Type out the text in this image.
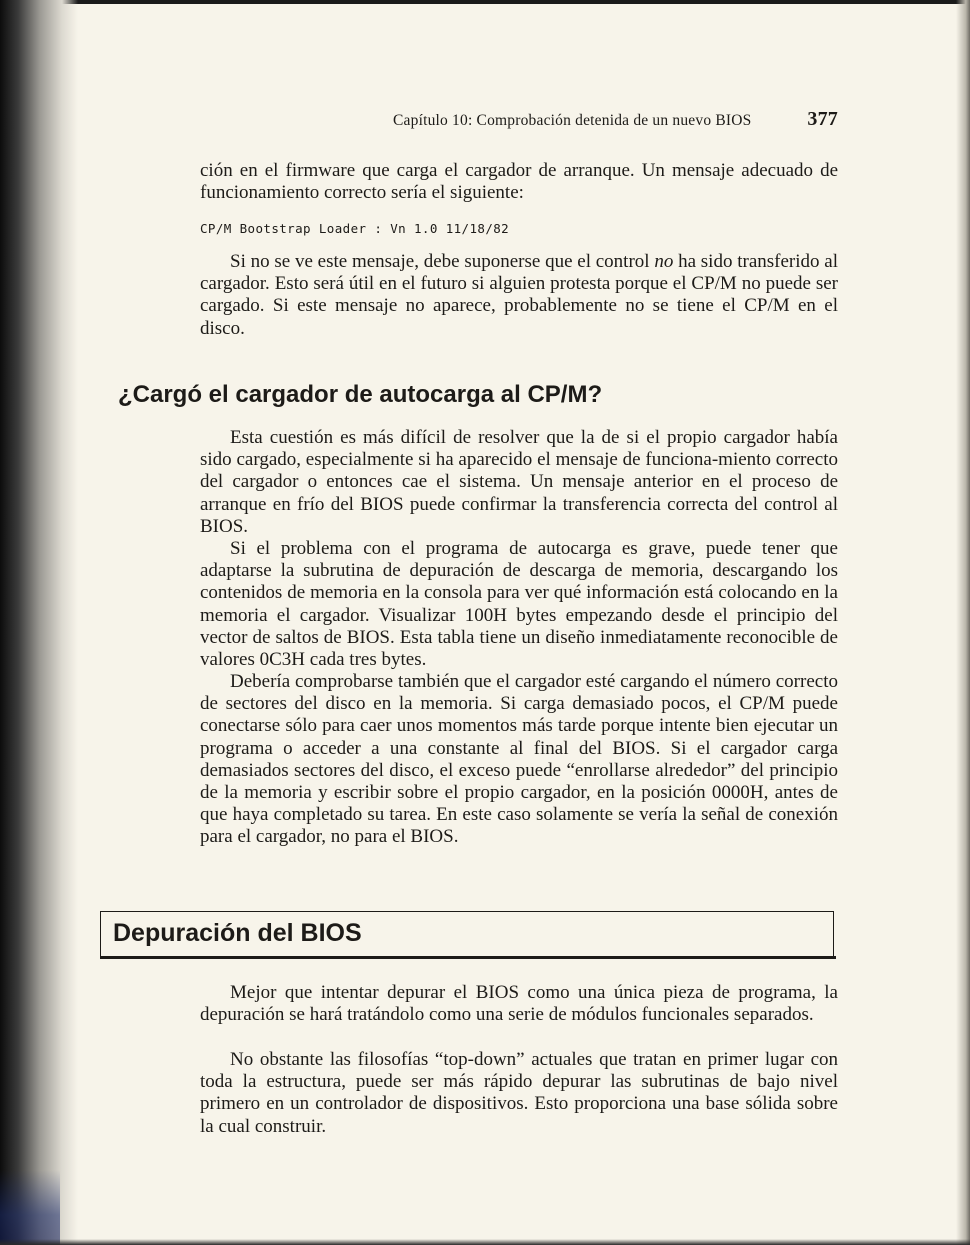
Capítulo 10: Comprobación detenida de un nuevo BIOS	377

ción en el firmware que carga el cargador de arranque. Un mensaje adecuado de funcionamiento correcto sería el siguiente:

CP/M Bootstrap Loader : Vn 1.0 11/18/82

Si no se ve este mensaje, debe suponerse que el control no ha sido transferido al cargador. Esto será útil en el futuro si alguien protesta porque el CP/M no puede ser cargado. Si este mensaje no aparece, probablemente no se tiene el CP/M en el disco.

¿Cargó el cargador de autocarga al CP/M?

Esta cuestión es más difícil de resolver que la de si el propio cargador había sido cargado, especialmente si ha aparecido el mensaje de funciona-miento correcto del cargador o entonces cae el sistema. Un mensaje anterior en el proceso de arranque en frío del BIOS puede confirmar la transferencia correcta del control al BIOS.

Si el problema con el programa de autocarga es grave, puede tener que adaptarse la subrutina de depuración de descarga de memoria, descargando los contenidos de memoria en la consola para ver qué información está colocando en la memoria el cargador. Visualizar 100H bytes empezando desde el principio del vector de saltos de BIOS. Esta tabla tiene un diseño inmediatamente reconocible de valores 0C3H cada tres bytes.

Debería comprobarse también que el cargador esté cargando el número correcto de sectores del disco en la memoria. Si carga demasiado pocos, el CP/M puede conectarse sólo para caer unos momentos más tarde porque intente bien ejecutar un programa o acceder a una constante al final del BIOS. Si el cargador carga demasiados sectores del disco, el exceso puede “enrollarse alrededor” del principio de la memoria y escribir sobre el propio cargador, en la posición 0000H, antes de que haya completado su tarea. En este caso solamente se vería la señal de conexión para el cargador, no para el BIOS.

Depuración del BIOS

Mejor que intentar depurar el BIOS como una única pieza de programa, la depuración se hará tratándolo como una serie de módulos funcionales separados.

No obstante las filosofías “top-down” actuales que tratan en primer lugar con toda la estructura, puede ser más rápido depurar las subrutinas de bajo nivel primero en un controlador de dispositivos. Esto proporciona una base sólida sobre la cual construir.
